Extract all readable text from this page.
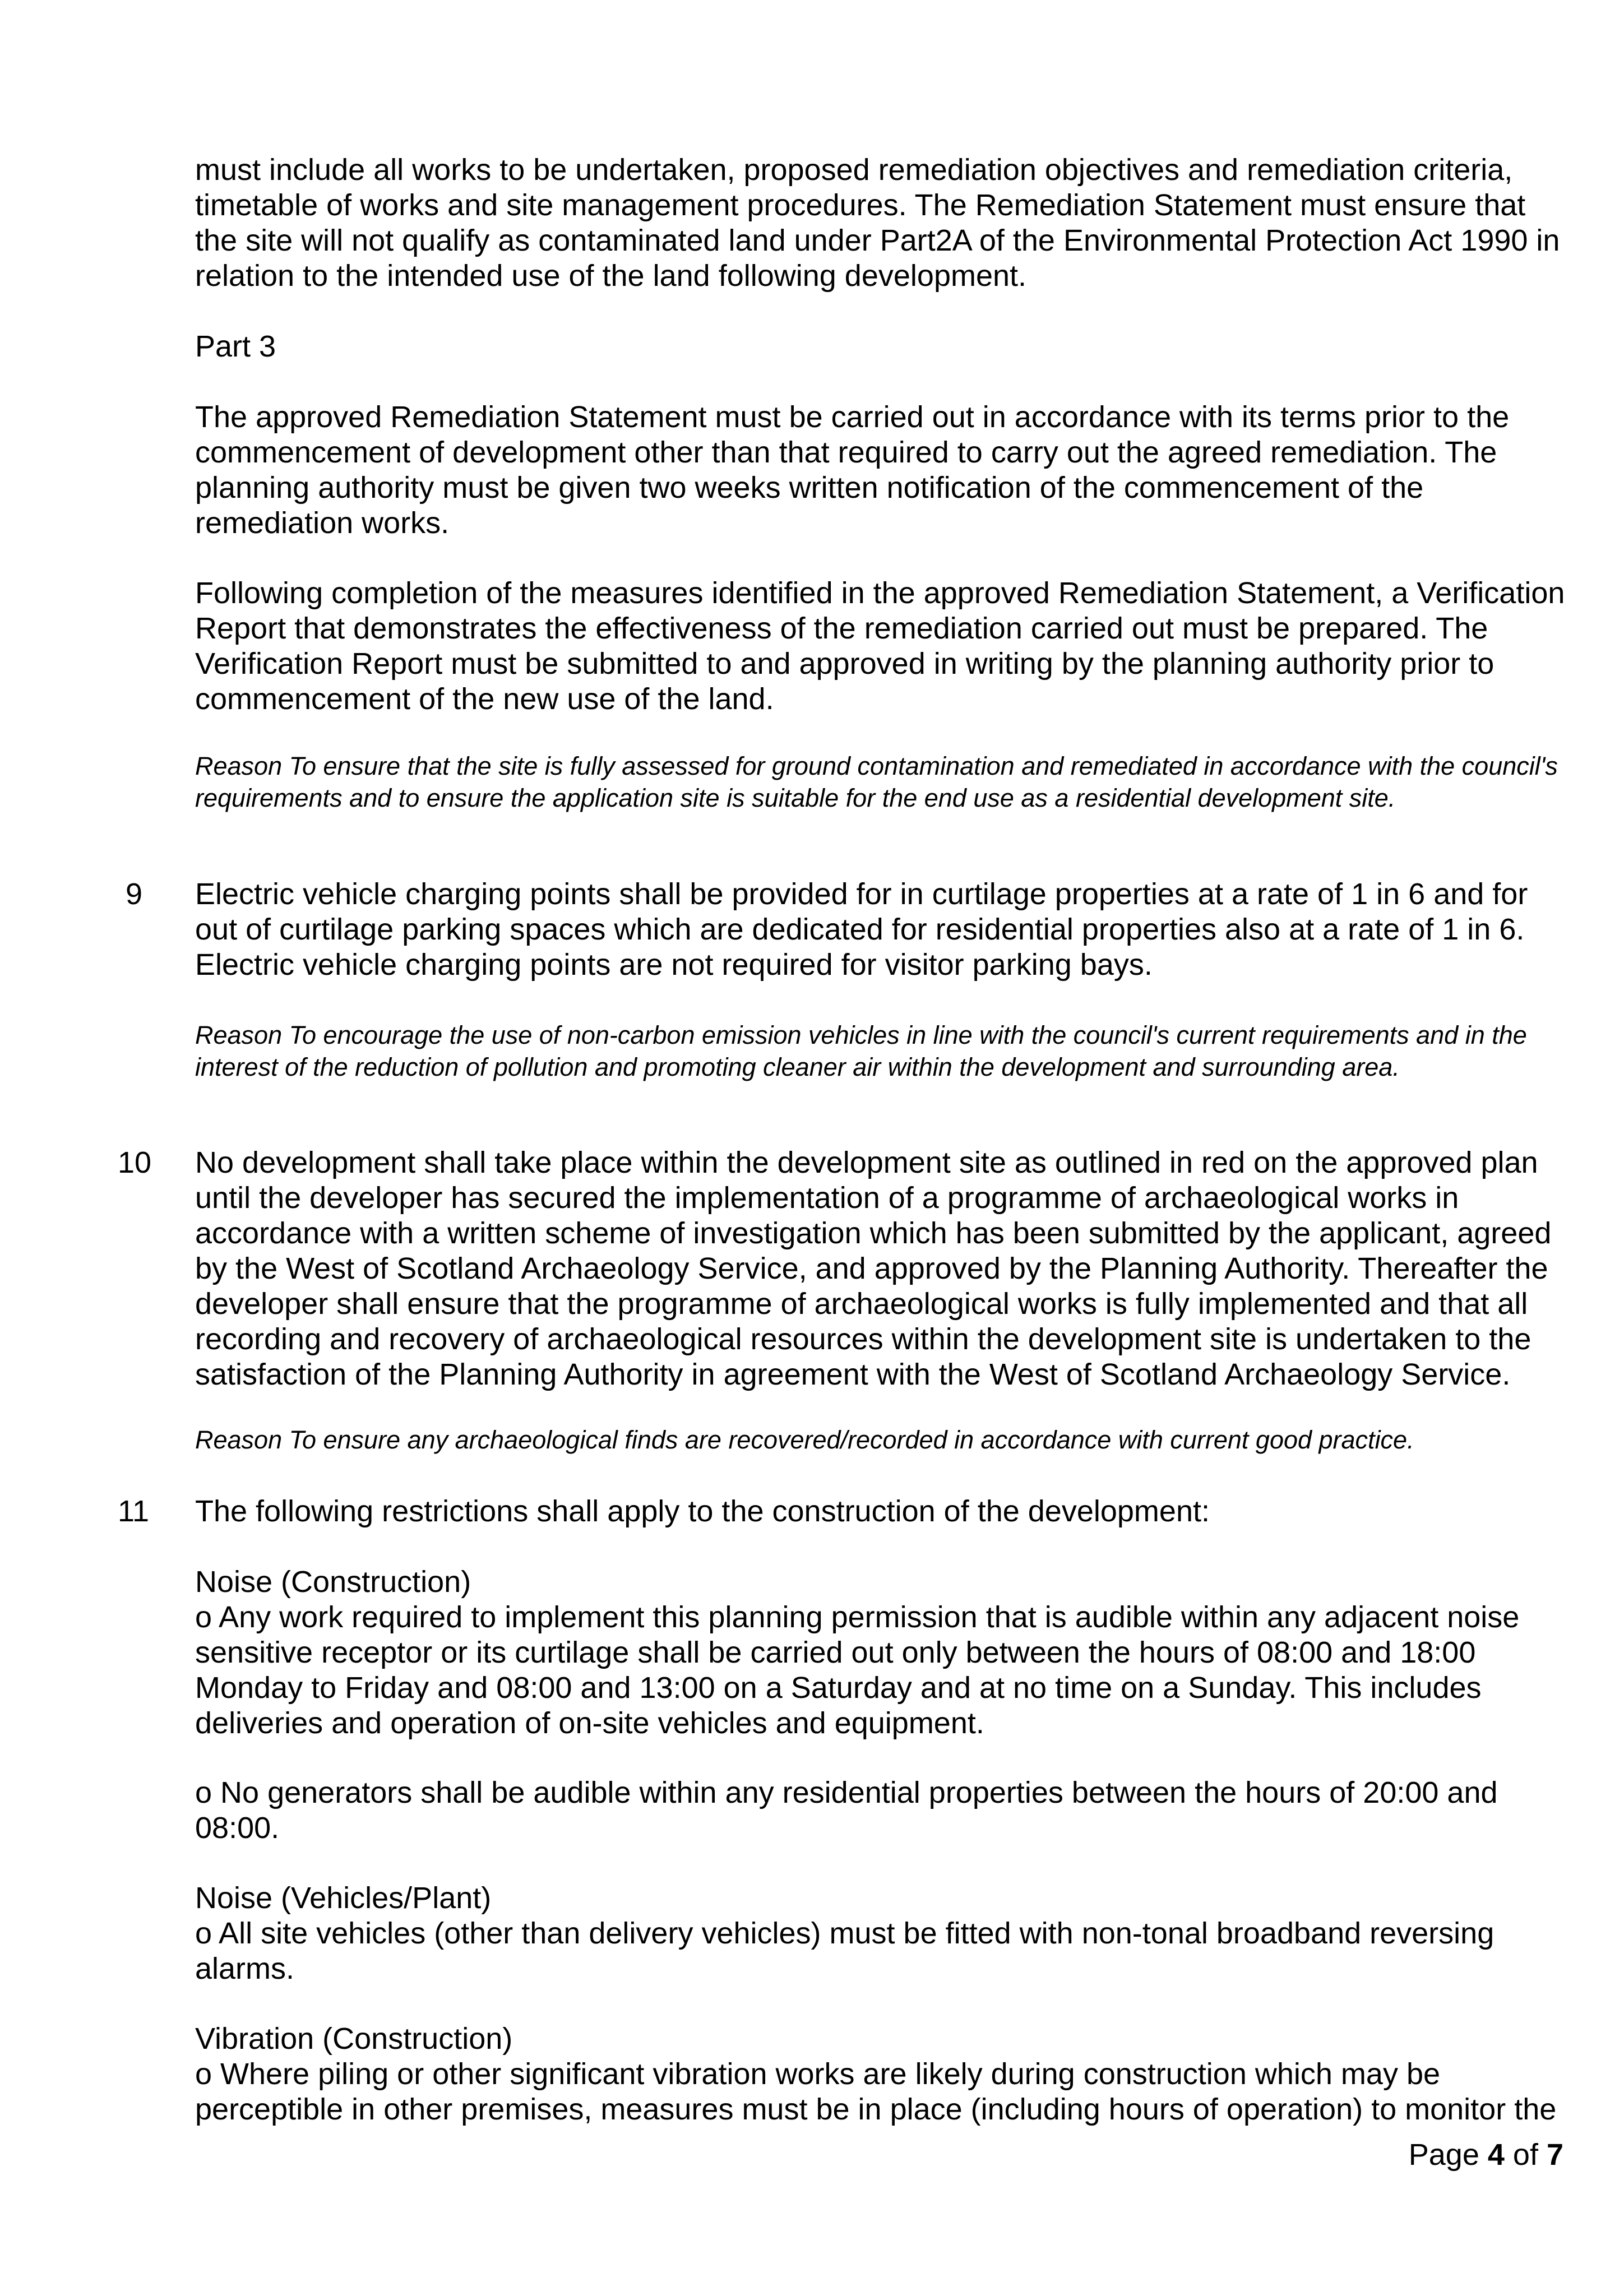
must include all works to be undertaken, proposed remediation objectives and remediation criteria, timetable of works and site management procedures. The Remediation Statement must ensure that the site will not qualify as contaminated land under Part2A of the Environmental Protection Act 1990 in relation to the intended use of the land following development.

Part 3

The approved Remediation Statement must be carried out in accordance with its terms prior to the commencement of development other than that required to carry out the agreed remediation. The planning authority must be given two weeks written notification of the commencement of the remediation works.

Following completion of the measures identified in the approved Remediation Statement, a Verification Report that demonstrates the effectiveness of the remediation carried out must be prepared. The Verification Report must be submitted to and approved in writing by the planning authority prior to commencement of the new use of the land.

Reason To ensure that the site is fully assessed for ground contamination and remediated in accordance with the council's requirements and to ensure the application site is suitable for the end use as a residential development site.

9 Electric vehicle charging points shall be provided for in curtilage properties at a rate of 1 in 6 and for out of curtilage parking spaces which are dedicated for residential properties also at a rate of 1 in 6. Electric vehicle charging points are not required for visitor parking bays.

Reason To encourage the use of non-carbon emission vehicles in line with the council's current requirements and in the interest of the reduction of pollution and promoting cleaner air within the development and surrounding area.

10 No development shall take place within the development site as outlined in red on the approved plan until the developer has secured the implementation of a programme of archaeological works in accordance with a written scheme of investigation which has been submitted by the applicant, agreed by the West of Scotland Archaeology Service, and approved by the Planning Authority. Thereafter the developer shall ensure that the programme of archaeological works is fully implemented and that all recording and recovery of archaeological resources within the development site is undertaken to the satisfaction of the Planning Authority in agreement with the West of Scotland Archaeology Service.

Reason To ensure any archaeological finds are recovered/recorded in accordance with current good practice.

11 The following restrictions shall apply to the construction of the development:

Noise (Construction)

o Any work required to implement this planning permission that is audible within any adjacent noise sensitive receptor or its curtilage shall be carried out only between the hours of 08:00 and 18:00 Monday to Friday and 08:00 and 13:00 on a Saturday and at no time on a Sunday. This includes deliveries and operation of on-site vehicles and equipment.

o No generators shall be audible within any residential properties between the hours of 20:00 and 08:00.

Noise (Vehicles/Plant)

o All site vehicles (other than delivery vehicles) must be fitted with non-tonal broadband reversing alarms.

Vibration (Construction)

o Where piling or other significant vibration works are likely during construction which may be perceptible in other premises, measures must be in place (including hours of operation) to monitor the

Page 4 of 7
